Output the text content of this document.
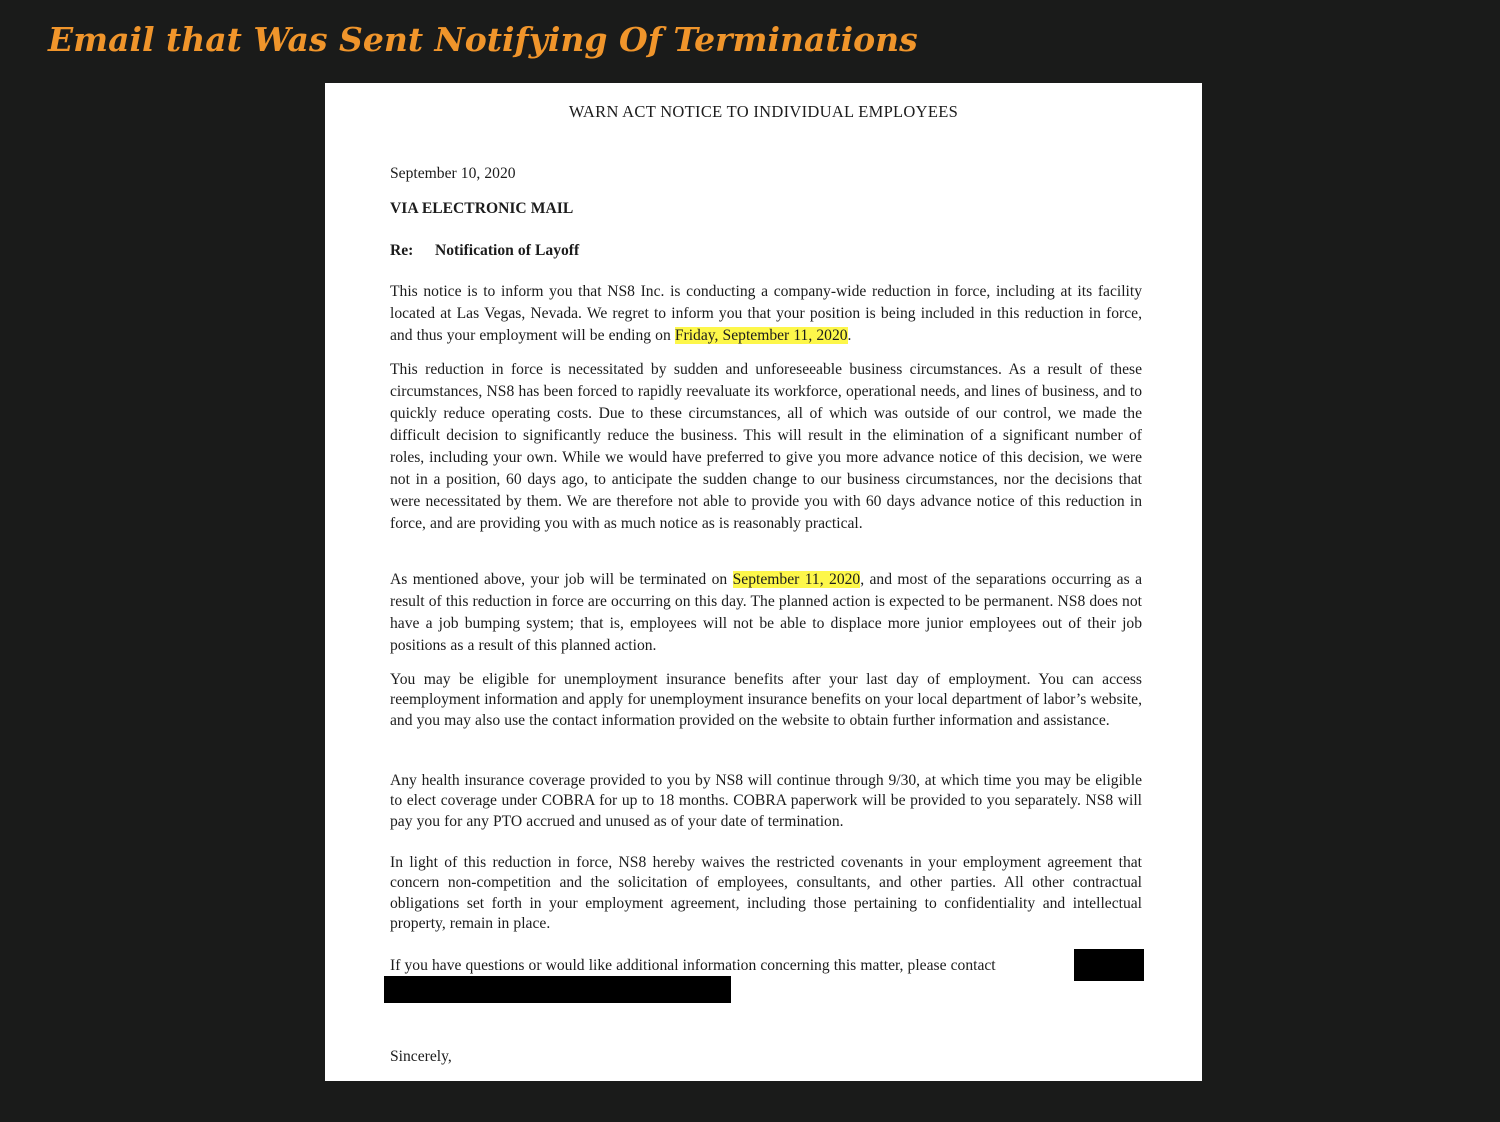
Email that Was Sent Notifying Of Terminations

WARN ACT NOTICE TO INDIVIDUAL EMPLOYEES

September 10, 2020

VIA ELECTRONIC MAIL

Re: Notification of Layoff

This notice is to inform you that NS8 Inc. is conducting a company-wide reduction in force, including at its facility located at Las Vegas, Nevada. We regret to inform you that your position is being included in this reduction in force, and thus your employment will be ending on Friday, September 11, 2020.

This reduction in force is necessitated by sudden and unforeseeable business circumstances. As a result of these circumstances, NS8 has been forced to rapidly reevaluate its workforce, operational needs, and lines of business, and to quickly reduce operating costs. Due to these circumstances, all of which was outside of our control, we made the difficult decision to significantly reduce the business. This will result in the elimination of a significant number of roles, including your own. While we would have preferred to give you more advance notice of this decision, we were not in a position, 60 days ago, to anticipate the sudden change to our business circumstances, nor the decisions that were necessitated by them. We are therefore not able to provide you with 60 days advance notice of this reduction in force, and are providing you with as much notice as is reasonably practical.

As mentioned above, your job will be terminated on September 11, 2020, and most of the separations occurring as a result of this reduction in force are occurring on this day. The planned action is expected to be permanent. NS8 does not have a job bumping system; that is, employees will not be able to displace more junior employees out of their job positions as a result of this planned action.

You may be eligible for unemployment insurance benefits after your last day of employment. You can access reemployment information and apply for unemployment insurance benefits on your local department of labor’s website, and you may also use the contact information provided on the website to obtain further information and assistance.

Any health insurance coverage provided to you by NS8 will continue through 9/30, at which time you may be eligible to elect coverage under COBRA for up to 18 months. COBRA paperwork will be provided to you separately. NS8 will pay you for any PTO accrued and unused as of your date of termination.

In light of this reduction in force, NS8 hereby waives the restricted covenants in your employment agreement that concern non-competition and the solicitation of employees, consultants, and other parties. All other contractual obligations set forth in your employment agreement, including those pertaining to confidentiality and intellectual property, remain in place.

If you have questions or would like additional information concerning this matter, please contact

Sincerely,
